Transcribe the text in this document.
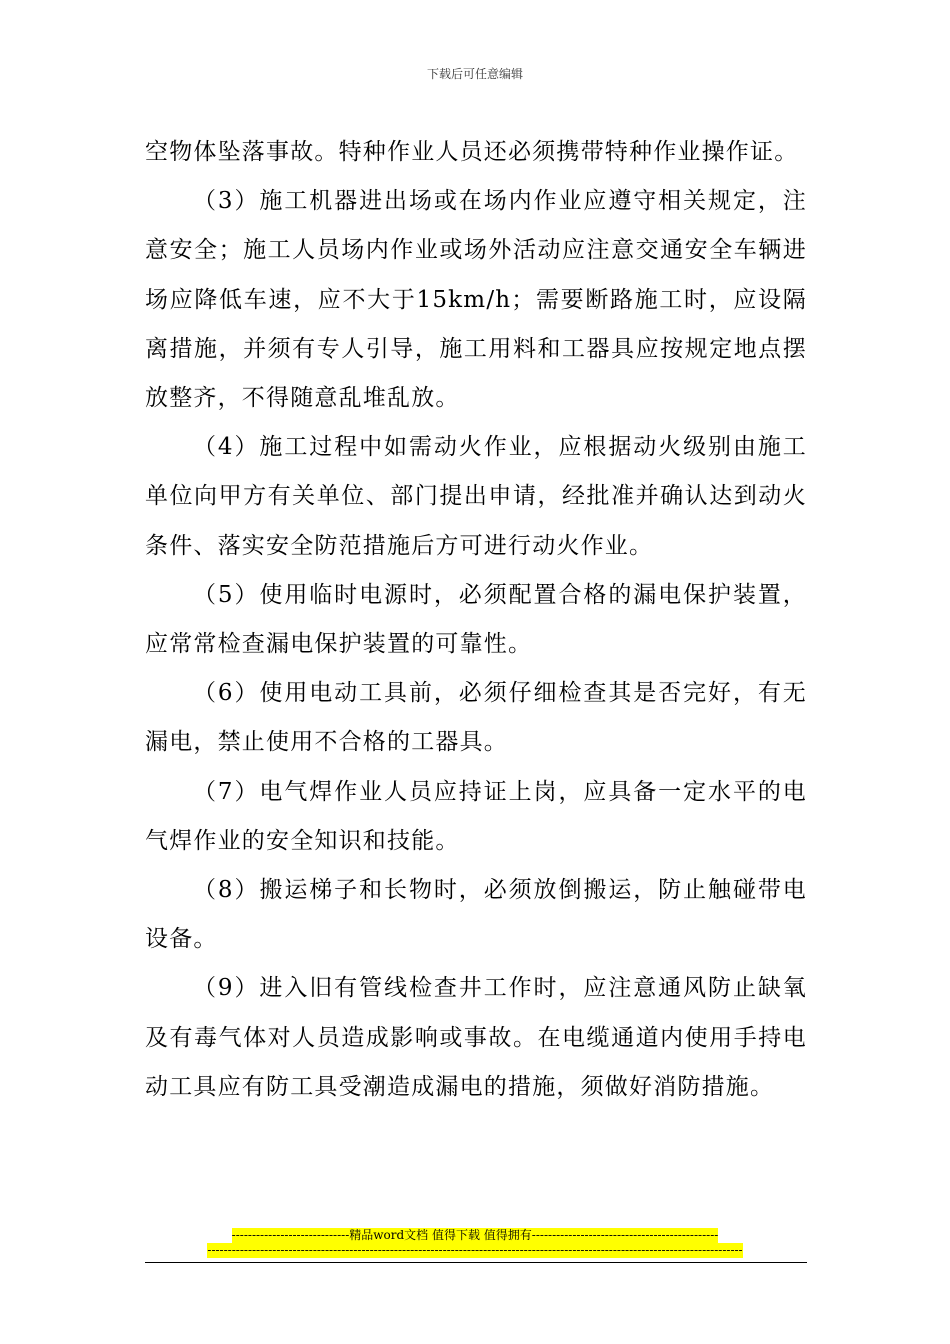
下载后可任意编辑

空物体坠落事故。特种作业人员还必须携带特种作业操作证。

（3）施工机器进出场或在场内作业应遵守相关规定，注意安全；施工人员场内作业或场外活动应注意交通安全车辆进场应降低车速，应不大于15km/h；需要断路施工时，应设隔离措施，并须有专人引导，施工用料和工器具应按规定地点摆放整齐，不得随意乱堆乱放。

（4）施工过程中如需动火作业，应根据动火级别由施工单位向甲方有关单位、部门提出申请，经批准并确认达到动火条件、落实安全防范措施后方可进行动火作业。

（5）使用临时电源时，必须配置合格的漏电保护装置，应常常检查漏电保护装置的可靠性。

（6）使用电动工具前，必须仔细检查其是否完好，有无漏电，禁止使用不合格的工器具。

（7）电气焊作业人员应持证上岗，应具备一定水平的电气焊作业的安全知识和技能。

（8）搬运梯子和长物时，必须放倒搬运，防止触碰带电设备。

（9）进入旧有管线检查井工作时，应注意通风防止缺氧及有毒气体对人员造成影响或事故。在电缆通道内使用手持电动工具应有防工具受潮造成漏电的措施，须做好消防措施。

-----------------------------精品word文档 值得下载 值得拥有----------------------------------------------
------------------------------------------------------------------------------------------------------------------------------------
